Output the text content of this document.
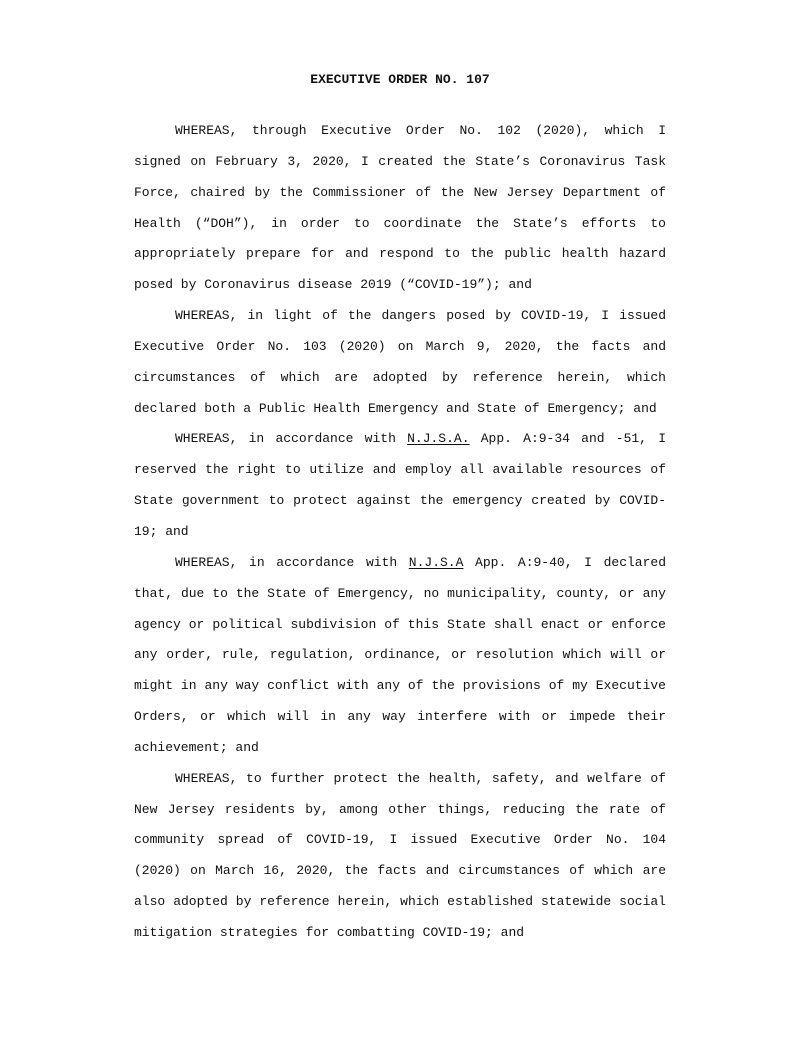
EXECUTIVE ORDER NO. 107

WHEREAS, through Executive Order No. 102 (2020), which I signed on February 3, 2020, I created the State’s Coronavirus Task Force, chaired by the Commissioner of the New Jersey Department of Health (“DOH”), in order to coordinate the State’s efforts to appropriately prepare for and respond to the public health hazard posed by Coronavirus disease 2019 (“COVID-19”); and

WHEREAS, in light of the dangers posed by COVID-19, I issued Executive Order No. 103 (2020) on March 9, 2020, the facts and circumstances of which are adopted by reference herein, which declared both a Public Health Emergency and State of Emergency; and

WHEREAS, in accordance with N.J.S.A. App. A:9-34 and -51, I reserved the right to utilize and employ all available resources of State government to protect against the emergency created by COVID-19; and

WHEREAS, in accordance with N.J.S.A App. A:9-40, I declared that, due to the State of Emergency, no municipality, county, or any agency or political subdivision of this State shall enact or enforce any order, rule, regulation, ordinance, or resolution which will or might in any way conflict with any of the provisions of my Executive Orders, or which will in any way interfere with or impede their achievement; and

WHEREAS, to further protect the health, safety, and welfare of New Jersey residents by, among other things, reducing the rate of community spread of COVID-19, I issued Executive Order No. 104 (2020) on March 16, 2020, the facts and circumstances of which are also adopted by reference herein, which established statewide social mitigation strategies for combatting COVID-19; and
